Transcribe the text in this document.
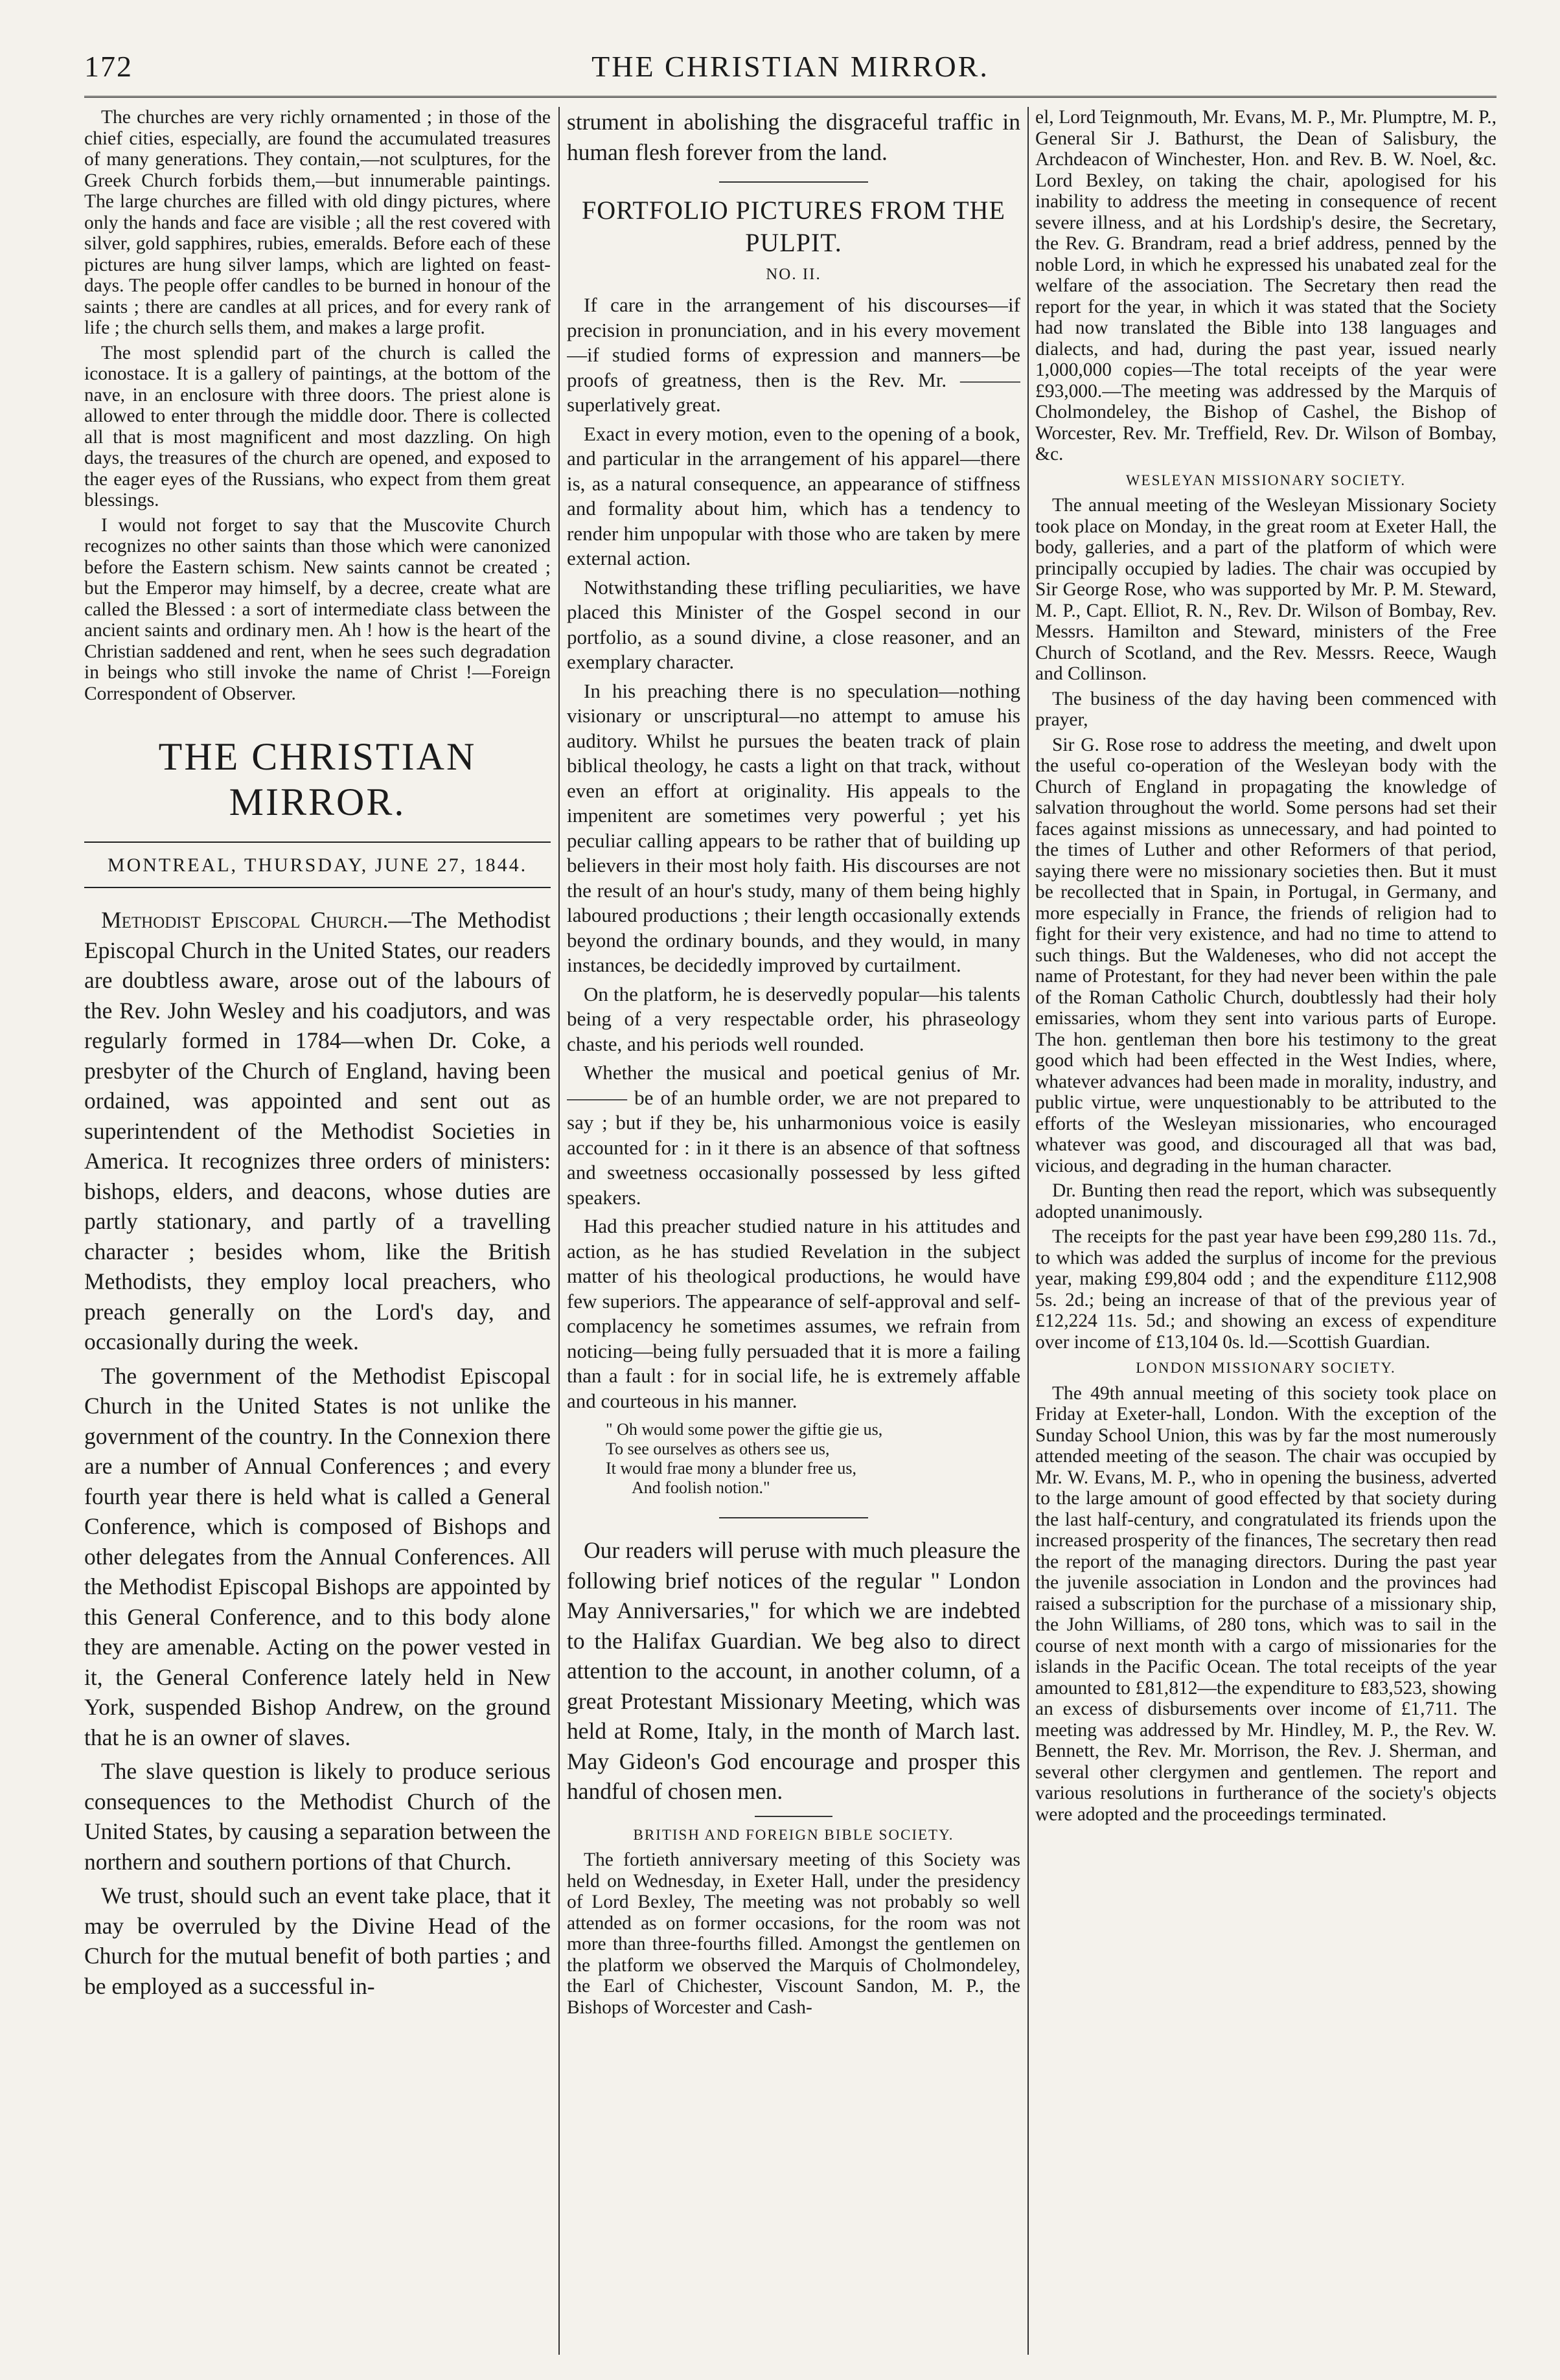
172	THE CHRISTIAN MIRROR.

The churches are very richly ornamented ; in those of the chief cities, especially, are found the accumulated treasures of many generations. They contain,—not sculptures, for the Greek Church forbids them,—but innumerable paintings. The large churches are filled with old dingy pictures, where only the hands and face are visible ; all the rest covered with silver, gold sapphires, rubies, emeralds. Before each of these pictures are hung silver lamps, which are lighted on feast-days. The people offer candles to be burned in honour of the saints ; there are candles at all prices, and for every rank of life ; the church sells them, and makes a large profit.

The most splendid part of the church is called the iconostace. It is a gallery of paintings, at the bottom of the nave, in an enclosure with three doors. The priest alone is allowed to enter through the middle door. There is collected all that is most magnificent and most dazzling. On high days, the treasures of the church are opened, and exposed to the eager eyes of the Russians, who expect from them great blessings.

I would not forget to say that the Muscovite Church recognizes no other saints than those which were canonized before the Eastern schism. New saints cannot be created ; but the Emperor may himself, by a decree, create what are called the Blessed : a sort of intermediate class between the ancient saints and ordinary men. Ah ! how is the heart of the Christian saddened and rent, when he sees such degradation in beings who still invoke the name of Christ !—Foreign Correspondent of Observer.

THE CHRISTIAN MIRROR.
MONTREAL, THURSDAY, JUNE 27, 1844.

Methodist Episcopal Church.—The Methodist Episcopal Church in the United States, our readers are doubtless aware, arose out of the labours of the Rev. John Wesley and his coadjutors, and was regularly formed in 1784—when Dr. Coke, a presbyter of the Church of England, having been ordained, was appointed and sent out as superintendent of the Methodist Societies in America. It recognizes three orders of ministers: bishops, elders, and deacons, whose duties are partly stationary, and partly of a travelling character ; besides whom, like the British Methodists, they employ local preachers, who preach generally on the Lord's day, and occasionally during the week.

The government of the Methodist Episcopal Church in the United States is not unlike the government of the country. In the Connexion there are a number of Annual Conferences ; and every fourth year there is held what is called a General Conference, which is composed of Bishops and other delegates from the Annual Conferences. All the Methodist Episcopal Bishops are appointed by this General Conference, and to this body alone they are amenable. Acting on the power vested in it, the General Conference lately held in New York, suspended Bishop Andrew, on the ground that he is an owner of slaves.

The slave question is likely to produce serious consequences to the Methodist Church of the United States, by causing a separation between the northern and southern portions of that Church.

We trust, should such an event take place, that it may be overruled by the Divine Head of the Church for the mutual benefit of both parties ; and be employed as a successful in-

strument in abolishing the disgraceful traffic in human flesh forever from the land.

FORTFOLIO PICTURES FROM THE PULPIT.
NO. II.

If care in the arrangement of his discourses—if precision in pronunciation, and in his every movement—if studied forms of expression and manners—be proofs of greatness, then is the Rev. Mr. ——— superlatively great.

Exact in every motion, even to the opening of a book, and particular in the arrangement of his apparel—there is, as a natural consequence, an appearance of stiffness and formality about him, which has a tendency to render him unpopular with those who are taken by mere external action.

Notwithstanding these trifling peculiarities, we have placed this Minister of the Gospel second in our portfolio, as a sound divine, a close reasoner, and an exemplary character.

In his preaching there is no speculation—nothing visionary or unscriptural—no attempt to amuse his auditory. Whilst he pursues the beaten track of plain biblical theology, he casts a light on that track, without even an effort at originality. His appeals to the impenitent are sometimes very powerful ; yet his peculiar calling appears to be rather that of building up believers in their most holy faith. His discourses are not the result of an hour's study, many of them being highly laboured productions ; their length occasionally extends beyond the ordinary bounds, and they would, in many instances, be decidedly improved by curtailment.

On the platform, he is deservedly popular—his talents being of a very respectable order, his phraseology chaste, and his periods well rounded.

Whether the musical and poetical genius of Mr. ——— be of an humble order, we are not prepared to say ; but if they be, his unharmonious voice is easily accounted for : in it there is an absence of that softness and sweetness occasionally possessed by less gifted speakers.

Had this preacher studied nature in his attitudes and action, as he has studied Revelation in the subject matter of his theological productions, he would have few superiors. The appearance of self-approval and self-complacency he sometimes assumes, we refrain from noticing—being fully persuaded that it is more a failing than a fault : for in social life, he is extremely affable and courteous in his manner.

" Oh would some power the giftie gie us,
To see ourselves as others see us,
It would frae mony a blunder free us,
And foolish notion."

Our readers will peruse with much pleasure the following brief notices of the regular " London May Anniversaries," for which we are indebted to the Halifax Guardian. We beg also to direct attention to the account, in another column, of a great Protestant Missionary Meeting, which was held at Rome, Italy, in the month of March last. May Gideon's God encourage and prosper this handful of chosen men.

BRITISH AND FOREIGN BIBLE SOCIETY.

The fortieth anniversary meeting of this Society was held on Wednesday, in Exeter Hall, under the presidency of Lord Bexley, The meeting was not probably so well attended as on former occasions, for the room was not more than three-fourths filled. Amongst the gentlemen on the platform we observed the Marquis of Cholmondeley, the Earl of Chichester, Viscount Sandon, M. P., the Bishops of Worcester and Cash-

el, Lord Teignmouth, Mr. Evans, M. P., Mr. Plumptre, M. P., General Sir J. Bathurst, the Dean of Salisbury, the Archdeacon of Winchester, Hon. and Rev. B. W. Noel, &c. Lord Bexley, on taking the chair, apologised for his inability to address the meeting in consequence of recent severe illness, and at his Lordship's desire, the Secretary, the Rev. G. Brandram, read a brief address, penned by the noble Lord, in which he expressed his unabated zeal for the welfare of the association. The Secretary then read the report for the year, in which it was stated that the Society had now translated the Bible into 138 languages and dialects, and had, during the past year, issued nearly 1,000,000 copies—The total receipts of the year were £93,000.—The meeting was addressed by the Marquis of Cholmondeley, the Bishop of Cashel, the Bishop of Worcester, Rev. Mr. Treffield, Rev. Dr. Wilson of Bombay, &c.

WESLEYAN MISSIONARY SOCIETY.

The annual meeting of the Wesleyan Missionary Society took place on Monday, in the great room at Exeter Hall, the body, galleries, and a part of the platform of which were principally occupied by ladies. The chair was occupied by Sir George Rose, who was supported by Mr. P. M. Steward, M. P., Capt. Elliot, R. N., Rev. Dr. Wilson of Bombay, Rev. Messrs. Hamilton and Steward, ministers of the Free Church of Scotland, and the Rev. Messrs. Reece, Waugh and Collinson.

The business of the day having been commenced with prayer,

Sir G. Rose rose to address the meeting, and dwelt upon the useful co-operation of the Wesleyan body with the Church of England in propagating the knowledge of salvation throughout the world. Some persons had set their faces against missions as unnecessary, and had pointed to the times of Luther and other Reformers of that period, saying there were no missionary societies then. But it must be recollected that in Spain, in Portugal, in Germany, and more especially in France, the friends of religion had to fight for their very existence, and had no time to attend to such things. But the Waldeneses, who did not accept the name of Protestant, for they had never been within the pale of the Roman Catholic Church, doubtlessly had their holy emissaries, whom they sent into various parts of Europe. The hon. gentleman then bore his testimony to the great good which had been effected in the West Indies, where, whatever advances had been made in morality, industry, and public virtue, were unquestionably to be attributed to the efforts of the Wesleyan missionaries, who encouraged whatever was good, and discouraged all that was bad, vicious, and degrading in the human character.

Dr. Bunting then read the report, which was subsequently adopted unanimously.

The receipts for the past year have been £99,280 11s. 7d., to which was added the surplus of income for the previous year, making £99,804 odd ; and the expenditure £112,908 5s. 2d.; being an increase of that of the previous year of £12,224 11s. 5d.; and showing an excess of expenditure over income of £13,104 0s. ld.—Scottish Guardian.

LONDON MISSIONARY SOCIETY.

The 49th annual meeting of this society took place on Friday at Exeter-hall, London. With the exception of the Sunday School Union, this was by far the most numerously attended meeting of the season. The chair was occupied by Mr. W. Evans, M. P., who in opening the business, adverted to the large amount of good effected by that society during the last half-century, and congratulated its friends upon the increased prosperity of the finances, The secretary then read the report of the managing directors. During the past year the juvenile association in London and the provinces had raised a subscription for the purchase of a missionary ship, the John Williams, of 280 tons, which was to sail in the course of next month with a cargo of missionaries for the islands in the Pacific Ocean. The total receipts of the year amounted to £81,812—the expenditure to £83,523, showing an excess of disbursements over income of £1,711. The meeting was addressed by Mr. Hindley, M. P., the Rev. W. Bennett, the Rev. Mr. Morrison, the Rev. J. Sherman, and several other clergymen and gentlemen. The report and various resolutions in furtherance of the society's objects were adopted and the proceedings terminated.
